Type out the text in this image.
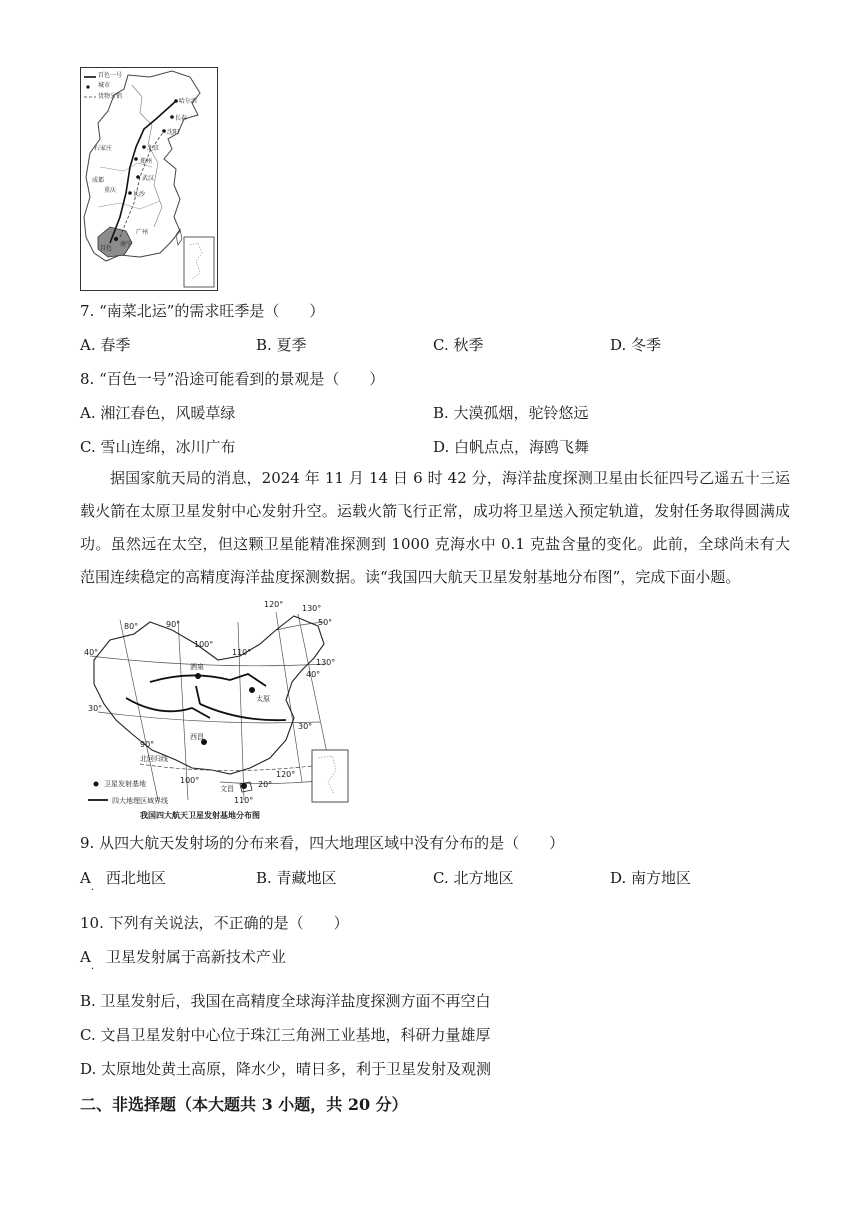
百色一号
城市
货物分销
哈尔滨
长春
沈阳
北京
石家庄
郑州
武汉
长沙
广州
南宁
百色
重庆
成都
7. “南菜北运”的需求旺季是（　　）
A. 春季	B. 夏季	C. 秋季	D. 冬季
8. “百色一号”沿途可能看到的景观是（　　）
A. 湘江春色，风暖草绿	B. 大漠孤烟，驼铃悠远
C. 雪山连绵，冰川广布	D. 白帆点点，海鸥飞舞
据国家航天局的消息，2024 年 11 月 14 日 6 时 42 分，海洋盐度探测卫星由长征四号乙遥五十三运载火箭在太原卫星发射中心发射升空。运载火箭飞行正常，成功将卫星送入预定轨道，发射任务取得圆满成功。虽然远在太空，但这颗卫星能精准探测到 1000 克海水中 0.1 克盐含量的变化。此前，全球尚未有大范围连续稳定的高精度海洋盐度探测数据。读“我国四大航天卫星发射基地分布图”，完成下面小题。
120° 130°
80°	90°	50°
40°
100°
110°
130°
40°
30°
30°
90°
100°
120°
20°
110°
酒泉
太原
西昌
文昌
北回归线
卫星发射基地
四大地理区域界线
我国四大航天卫星发射基地分布图
9. 从四大航天发射场的分布来看，四大地理区域中没有分布的是（　　）
A　西北地区
·
B. 青藏地区	C. 北方地区	D. 南方地区
10. 下列有关说法，不正确的是（　　）
A　卫星发射属于高新技术产业
·
B. 卫星发射后，我国在高精度全球海洋盐度探测方面不再空白
C. 文昌卫星发射中心位于珠江三角洲工业基地，科研力量雄厚
D. 太原地处黄土高原，降水少，晴日多，利于卫星发射及观测
二、非选择题（本大题共 3 小题，共 20 分）
